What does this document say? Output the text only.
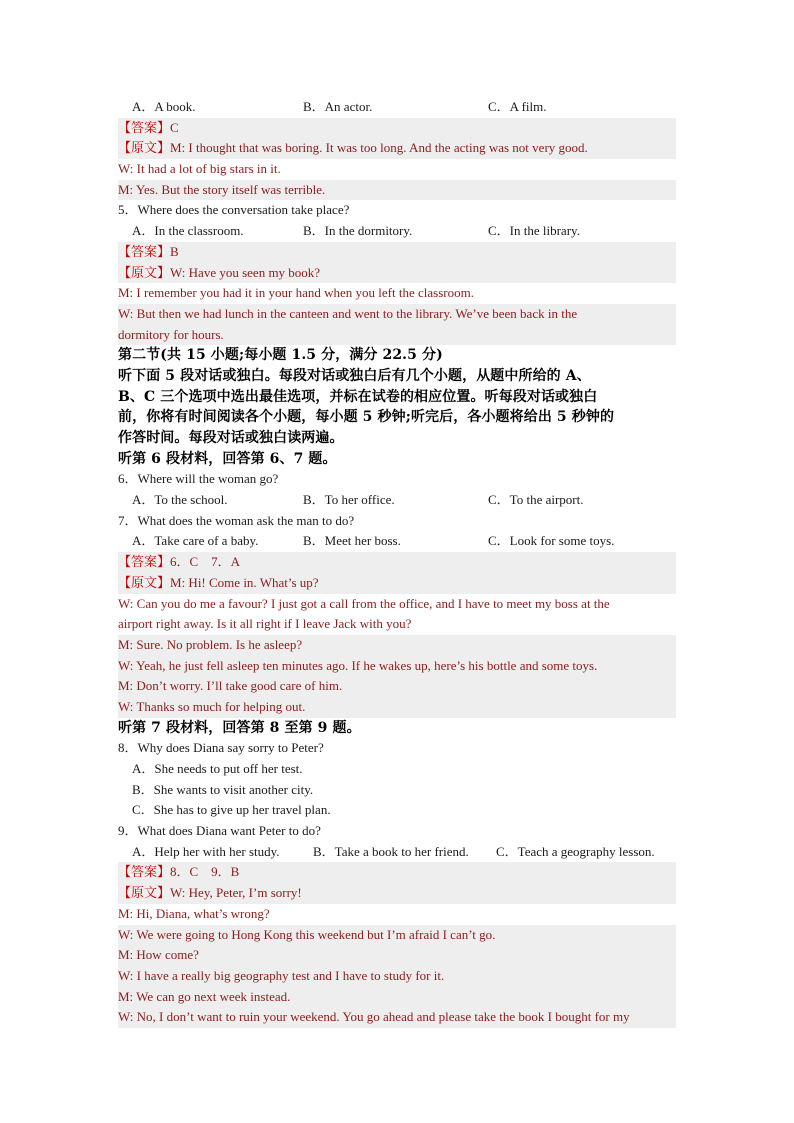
A．A book.	B．An actor.	C．A film.
【答案】C
【原文】M: I thought that was boring. It was too long. And the acting was not very good.
W: It had a lot of big stars in it.
M: Yes. But the story itself was terrible.
5．Where does the conversation take place?
A．In the classroom.	B．In the dormitory.	C．In the library.
【答案】B
【原文】W: Have you seen my book?
M: I remember you had it in your hand when you left the classroom.
W: But then we had lunch in the canteen and went to the library. We’ve been back in the
dormitory for hours.
第二节(共 15 小题;每小题 1.5 分，满分 22.5 分)
听下面 5 段对话或独白。每段对话或独白后有几个小题，从题中所给的 A、
B、C 三个选项中选出最佳选项，并标在试卷的相应位置。听每段对话或独白
前，你将有时间阅读各个小题，每小题 5 秒钟;听完后，各小题将给出 5 秒钟的
作答时间。每段对话或独白读两遍。
听第 6 段材料，回答第 6、7 题。
6．Where will the woman go?
A．To the school.	B．To her office.	C．To the airport.
7．What does the woman ask the man to do?
A．Take care of a baby.	B．Meet her boss.	C．Look for some toys.
【答案】6．C　7．A
【原文】M: Hi! Come in. What’s up?
W: Can you do me a favour? I just got a call from the office, and I have to meet my boss at the
airport right away. Is it all right if I leave Jack with you?
M: Sure. No problem. Is he asleep?
W: Yeah, he just fell asleep ten minutes ago. If he wakes up, here’s his bottle and some toys.
M: Don’t worry. I’ll take good care of him.
W: Thanks so much for helping out.
听第 7 段材料，回答第 8 至第 9 题。
8．Why does Diana say sorry to Peter?
A．She needs to put off her test.
B．She wants to visit another city.
C．She has to give up her travel plan.
9．What does Diana want Peter to do?
A．Help her with her study.	B．Take a book to her friend. C．Teach a geography lesson.
【答案】8．C　9．B
【原文】W: Hey, Peter, I’m sorry!
M: Hi, Diana, what’s wrong?
W: We were going to Hong Kong this weekend but I’m afraid I can’t go.
M: How come?
W: I have a really big geography test and I have to study for it.
M: We can go next week instead.
W: No, I don’t want to ruin your weekend. You go ahead and please take the book I bought for my
